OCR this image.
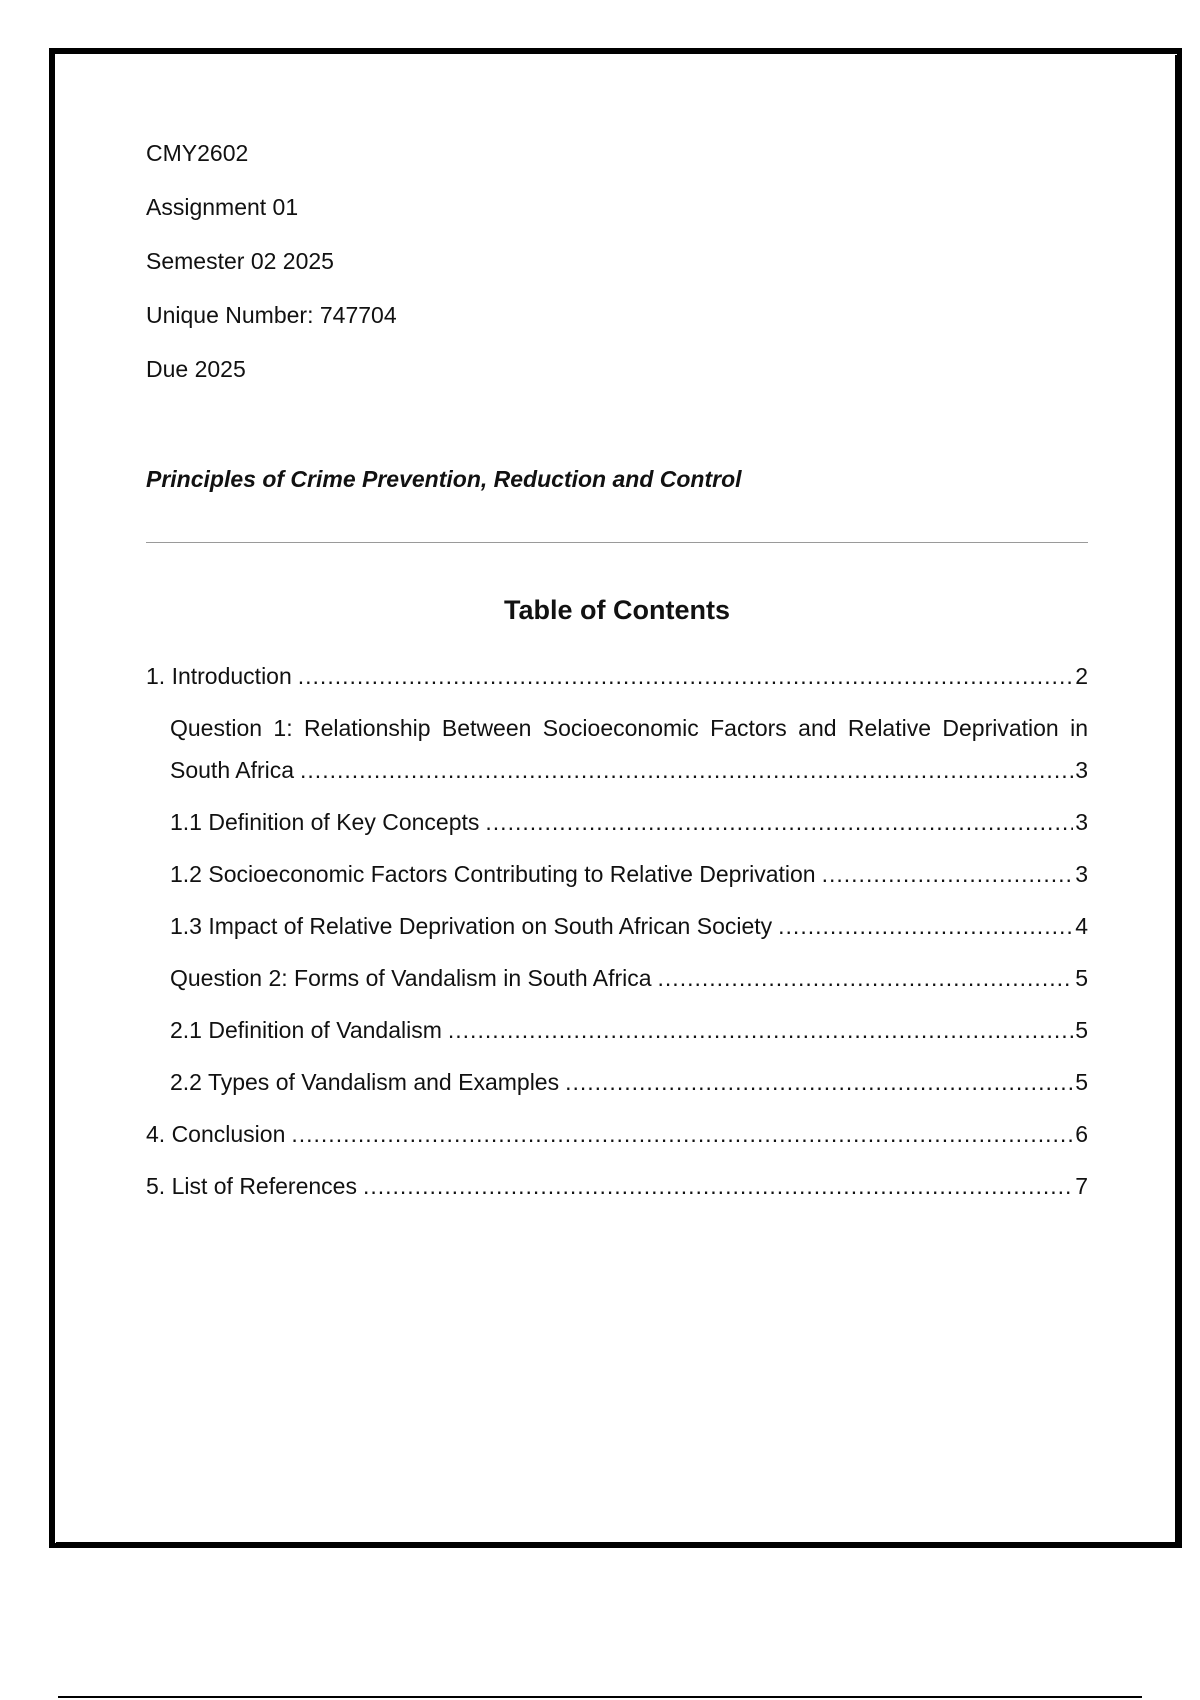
CMY2602
Assignment 01
Semester 02 2025
Unique Number: 747704
Due 2025
Principles of Crime Prevention, Reduction and Control
Table of Contents
1. Introduction .....	2
Question 1: Relationship Between Socioeconomic Factors and Relative Deprivation in
South Africa .....	3
1.1 Definition of Key Concepts .....	3
1.2 Socioeconomic Factors Contributing to Relative Deprivation .....	3
1.3 Impact of Relative Deprivation on South African Society .....	4
Question 2: Forms of Vandalism in South Africa .....	5
2.1 Definition of Vandalism .....	5
2.2 Types of Vandalism and Examples .....	5
4. Conclusion .....	6
5. List of References .....	7
